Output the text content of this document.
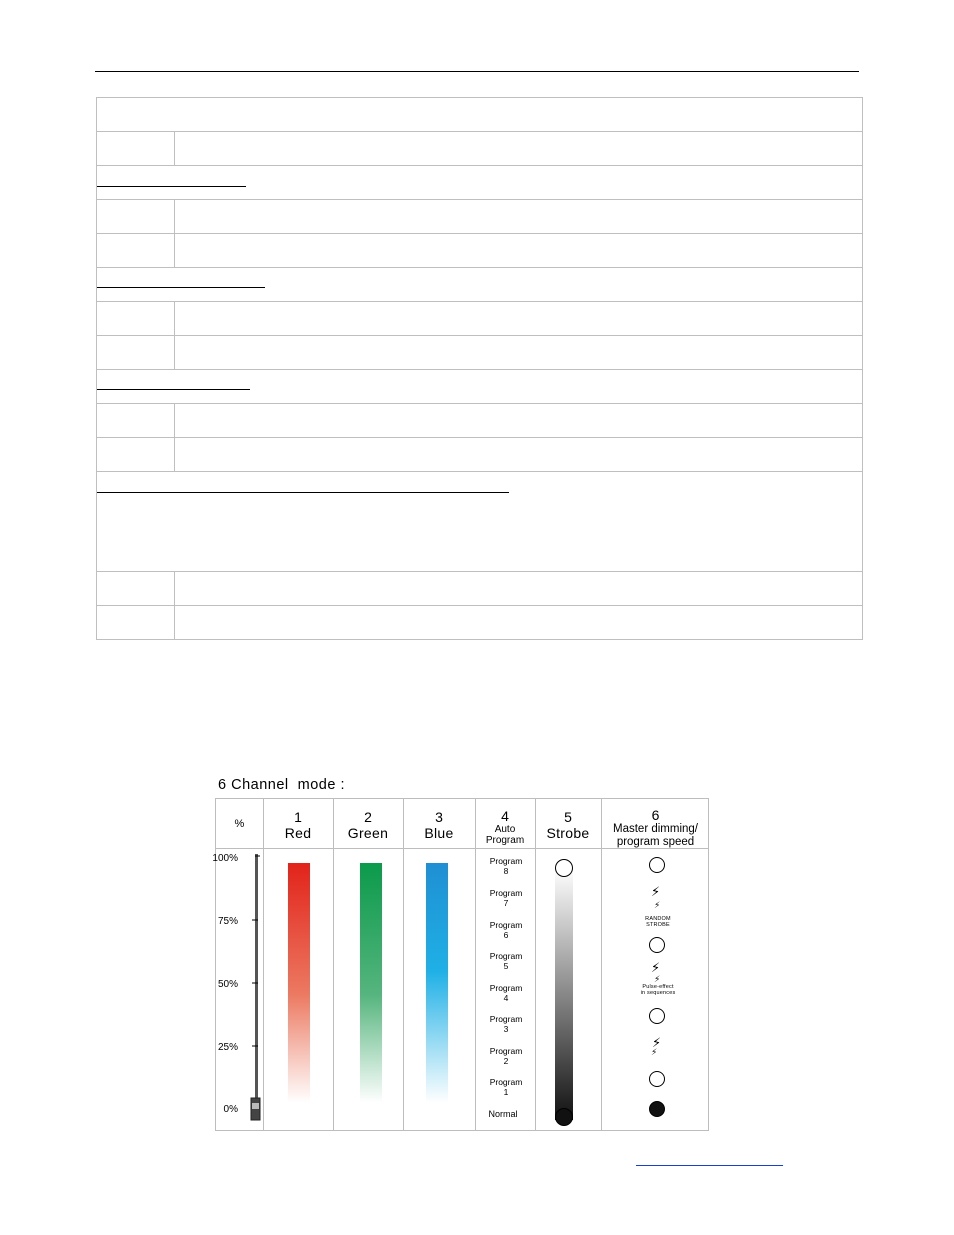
6 Channel  mode :
%	1
Red
2
Green
3
Blue
4
Auto
Program
5
Strobe
6
Master dimming/
program speed
100%
75%
50%
25%
0%
Program
8
Program
7
Program
6
Program
5
Program
4
Program
3
Program
2
Program
1
Normal
⚡
⚡
RANDOM
STROBE
⚡
⚡
Pulse-effect
in sequences
⚡
⚡
